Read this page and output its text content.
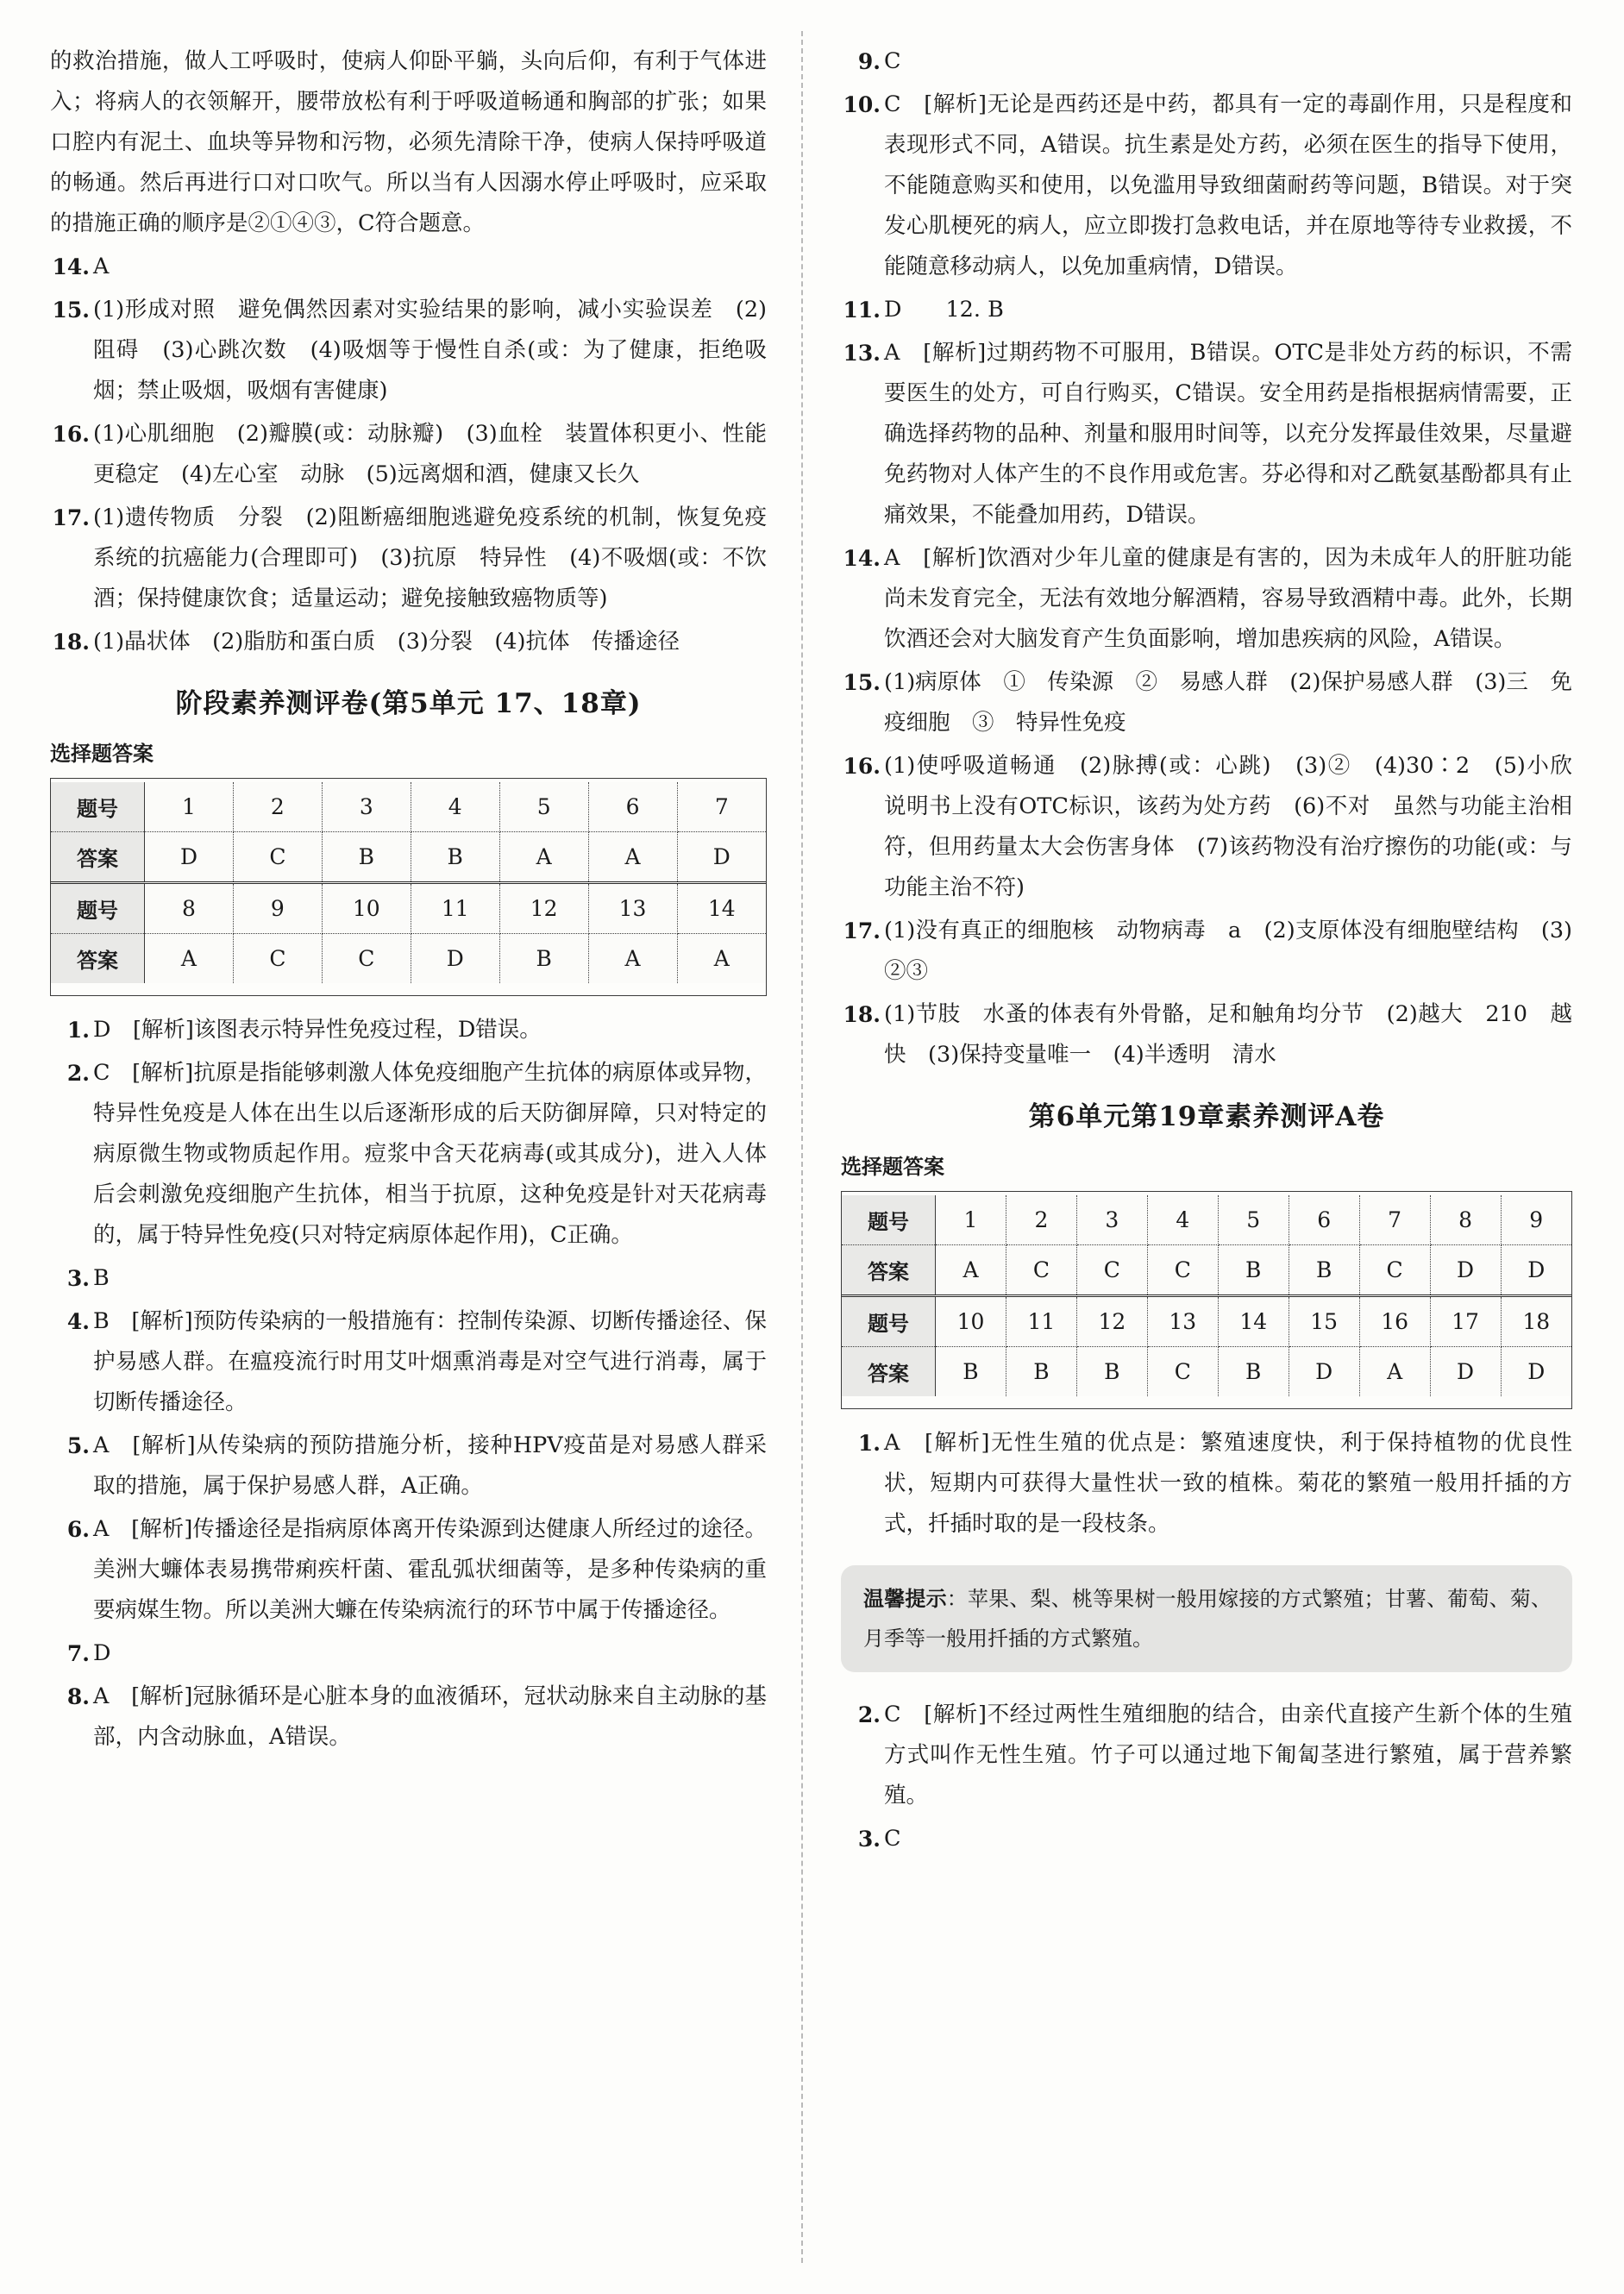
的救治措施，做人工呼吸时，使病人仰卧平躺，头向后仰，有利于气体进入；将病人的衣领解开，腰带放松有利于呼吸道畅通和胸部的扩张；如果口腔内有泥土、血块等异物和污物，必须先清除干净，使病人保持呼吸道的畅通。然后再进行口对口吹气。所以当有人因溺水停止呼吸时，应采取的措施正确的顺序是②①④③，C符合题意。
14. A
15. (1)形成对照　避免偶然因素对实验结果的影响，减小实验误差　(2)阻碍　(3)心跳次数　(4)吸烟等于慢性自杀(或：为了健康，拒绝吸烟；禁止吸烟，吸烟有害健康)
16. (1)心肌细胞　(2)瓣膜(或：动脉瓣)　(3)血栓　装置体积更小、性能更稳定　(4)左心室　动脉　(5)远离烟和酒，健康又长久
17. (1)遗传物质　分裂　(2)阻断癌细胞逃避免疫系统的机制，恢复免疫系统的抗癌能力(合理即可)　(3)抗原　特异性　(4)不吸烟(或：不饮酒；保持健康饮食；适量运动；避免接触致癌物质等)
18. (1)晶状体　(2)脂肪和蛋白质　(3)分裂　(4)抗体　传播途径
阶段素养测评卷(第5单元 17、18章)
选择题答案
题号	1	2	3	4	5	6	7
答案	D	C	B	B	A	A	D
题号	8	9	10	11	12	13	14
答案	A	C	C	D	B	A	A
1. D　[解析]该图表示特异性免疫过程，D错误。
2. C　[解析]抗原是指能够刺激人体免疫细胞产生抗体的病原体或异物，特异性免疫是人体在出生以后逐渐形成的后天防御屏障，只对特定的病原微生物或物质起作用。痘浆中含天花病毒(或其成分)，进入人体后会刺激免疫细胞产生抗体，相当于抗原，这种免疫是针对天花病毒的，属于特异性免疫(只对特定病原体起作用)，C正确。
3. B
4. B　[解析]预防传染病的一般措施有：控制传染源、切断传播途径、保护易感人群。在瘟疫流行时用艾叶烟熏消毒是对空气进行消毒，属于切断传播途径。
5. A　[解析]从传染病的预防措施分析，接种HPV疫苗是对易感人群采取的措施，属于保护易感人群，A正确。
6. A　[解析]传播途径是指病原体离开传染源到达健康人所经过的途径。美洲大蠊体表易携带痢疾杆菌、霍乱弧状细菌等，是多种传染病的重要病媒生物。所以美洲大蠊在传染病流行的环节中属于传播途径。
7. D
8. A　[解析]冠脉循环是心脏本身的血液循环，冠状动脉来自主动脉的基部，内含动脉血，A错误。
9. C
10. C　[解析]无论是西药还是中药，都具有一定的毒副作用，只是程度和表现形式不同，A错误。抗生素是处方药，必须在医生的指导下使用，不能随意购买和使用，以免滥用导致细菌耐药等问题，B错误。对于突发心肌梗死的病人，应立即拨打急救电话，并在原地等待专业救援，不能随意移动病人，以免加重病情，D错误。
11. D　　12. B
13. A　[解析]过期药物不可服用，B错误。OTC是非处方药的标识，不需要医生的处方，可自行购买，C错误。安全用药是指根据病情需要，正确选择药物的品种、剂量和服用时间等，以充分发挥最佳效果，尽量避免药物对人体产生的不良作用或危害。芬必得和对乙酰氨基酚都具有止痛效果，不能叠加用药，D错误。
14. A　[解析]饮酒对少年儿童的健康是有害的，因为未成年人的肝脏功能尚未发育完全，无法有效地分解酒精，容易导致酒精中毒。此外，长期饮酒还会对大脑发育产生负面影响，增加患疾病的风险，A错误。
15. (1)病原体　①　传染源　②　易感人群　(2)保护易感人群　(3)三　免疫细胞　③　特异性免疫
16. (1)使呼吸道畅通　(2)脉搏(或：心跳)　(3)②　(4)30∶2　(5)小欣　说明书上没有OTC标识，该药为处方药　(6)不对　虽然与功能主治相符，但用药量太大会伤害身体　(7)该药物没有治疗擦伤的功能(或：与功能主治不符)
17. (1)没有真正的细胞核　动物病毒　a　(2)支原体没有细胞壁结构　(3)②③
18. (1)节肢　水蚤的体表有外骨骼，足和触角均分节　(2)越大　210　越快　(3)保持变量唯一　(4)半透明　清水
第6单元第19章素养测评A卷
选择题答案
题号	1	2	3	4	5	6	7	8	9
答案	A	C	C	C	B	B	C	D	D
题号	10	11	12	13	14	15	16	17	18
答案	B	B	B	C	B	D	A	D	D
1. A　[解析]无性生殖的优点是：繁殖速度快，利于保持植物的优良性状，短期内可获得大量性状一致的植株。菊花的繁殖一般用扦插的方式，扦插时取的是一段枝条。
温馨提示：苹果、梨、桃等果树一般用嫁接的方式繁殖；甘薯、葡萄、菊、月季等一般用扦插的方式繁殖。
2. C　[解析]不经过两性生殖细胞的结合，由亲代直接产生新个体的生殖方式叫作无性生殖。竹子可以通过地下匍匐茎进行繁殖，属于营养繁殖。
3. C
